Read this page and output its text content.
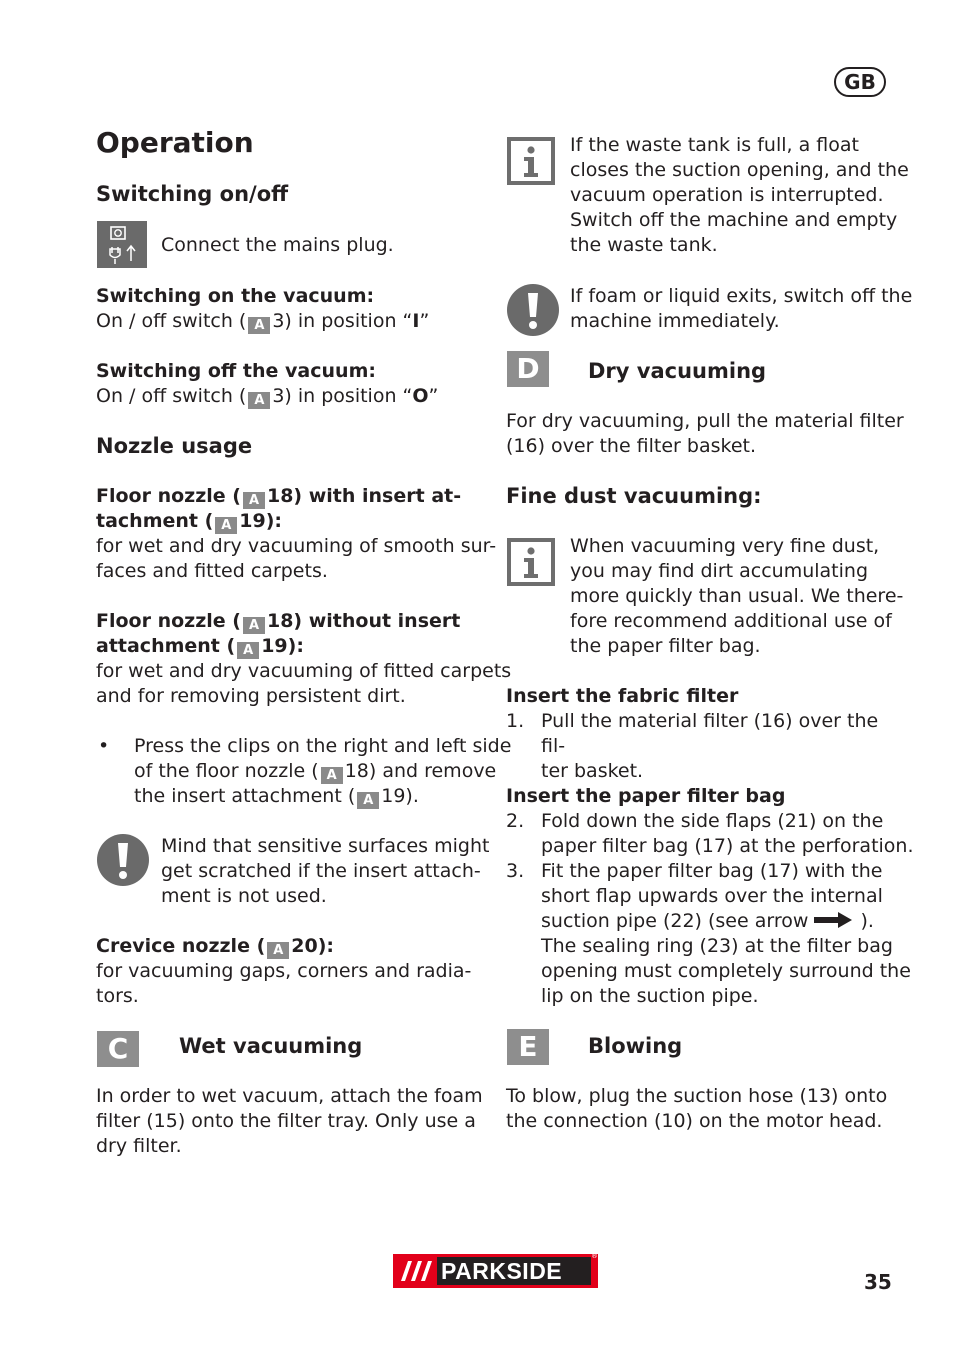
GB
Operation
Switching on/off
Connect the mains plug.
Switching on the vacuum:
On / off switch ( A 3) in position “I”
Switching off the vacuum:
On / off switch ( A 3) in position “O”
Nozzle usage
Floor nozzle ( A 18) with insert at-
tachment ( A 19):
for wet and dry vacuuming of smooth sur-
faces and fitted carpets.
Floor nozzle ( A 18) without insert
attachment ( A 19):
for wet and dry vacuuming of fitted carpets
and for removing persistent dirt.
•	Press the clips on the right and left side
of the floor nozzle ( A 18) and remove
the insert attachment ( A 19).
Mind that sensitive surfaces might
get scratched if the insert attach-
ment is not used.
Crevice nozzle ( A 20):
for vacuuming gaps, corners and radia-
tors.
C	Wet vacuuming
In order to wet vacuum, attach the foam
filter (15) onto the filter tray. Only use a
dry filter.
If the waste tank is full, a float
closes the suction opening, and the
vacuum operation is interrupted.
Switch off the machine and empty
the waste tank.
If foam or liquid exits, switch off the
machine immediately.
D	Dry vacuuming
For dry vacuuming, pull the material filter
(16) over the filter basket.
Fine dust vacuuming:
When vacuuming very fine dust,
you may find dirt accumulating
more quickly than usual. We there-
fore recommend additional use of
the paper filter bag.
Insert the fabric filter
1. Pull the material filter (16) over the fil-
ter basket.
Insert the paper filter bag
2. Fold down the side flaps (21) on the
paper filter bag (17) at the perforation.
3. Fit the paper filter bag (17) with the
short flap upwards over the internal
suction pipe (22) (see arrow	).
The sealing ring (23) at the filter bag
opening must completely surround the
lip on the suction pipe.
E	Blowing
To blow, plug the suction hose (13) onto
the connection (10) on the motor head.
PARKSIDE
®
35
